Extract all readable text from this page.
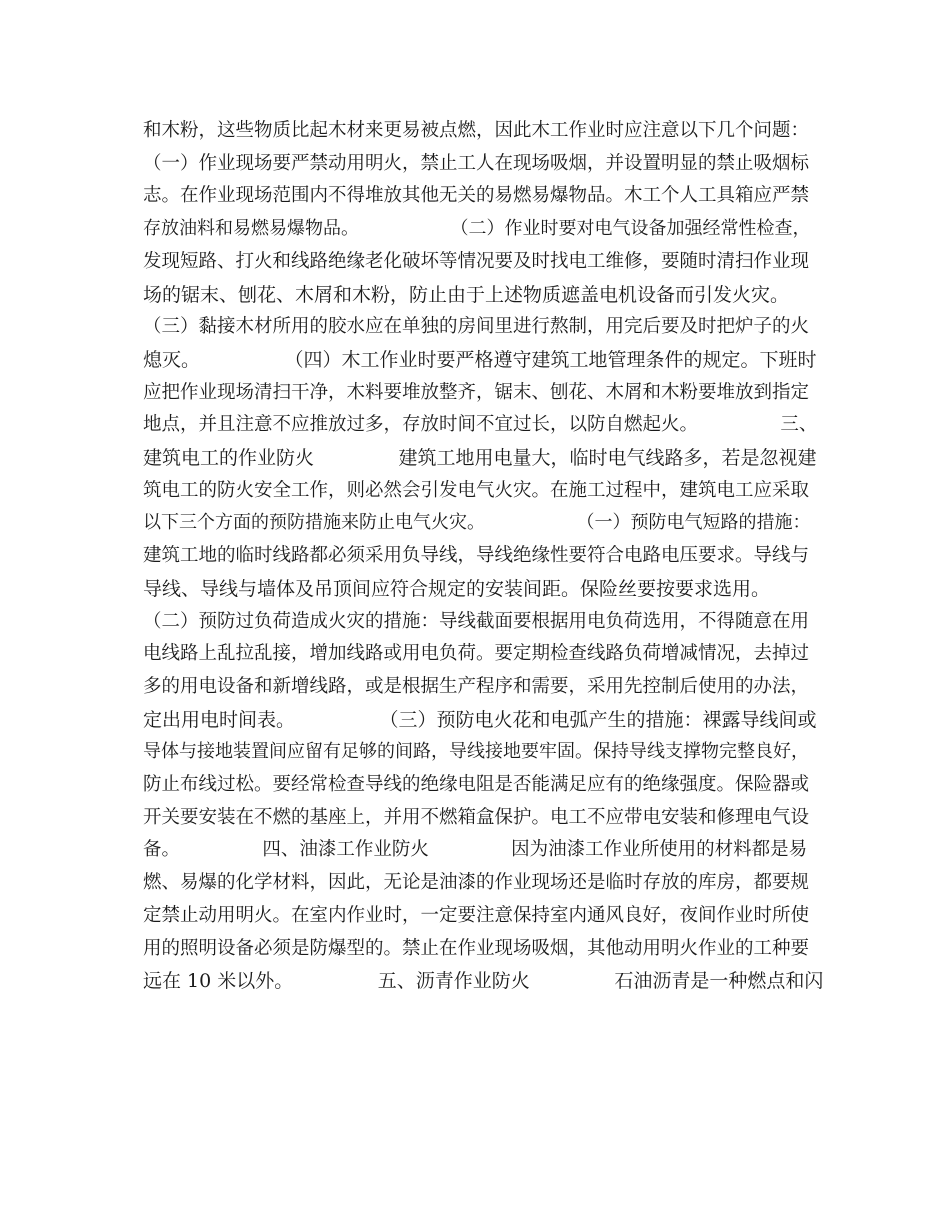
和木粉，这些物质比起木材来更易被点燃，因此木工作业时应注意以下几个问题：
（一）作业现场要严禁动用明火，禁止工人在现场吸烟，并设置明显的禁止吸烟标
志。在作业现场范围内不得堆放其他无关的易燃易爆物品。木工个人工具箱应严禁
存放油料和易燃易爆物品。                （二）作业时要对电气设备加强经常性检查，
发现短路、打火和线路绝缘老化破坏等情况要及时找电工维修，要随时清扫作业现
场的锯末、刨花、木屑和木粉，防止由于上述物质遮盖电机设备而引发火灾。
（三）黏接木材所用的胶水应在单独的房间里进行熬制，用完后要及时把炉子的火
熄灭。              （四）木工作业时要严格遵守建筑工地管理条件的规定。下班时
应把作业现场清扫干净，木料要堆放整齐，锯末、刨花、木屑和木粉要堆放到指定
地点，并且注意不应推放过多，存放时间不宜过长，以防自燃起火。              三、
建筑电工的作业防火              建筑工地用电量大，临时电气线路多，若是忽视建
筑电工的防火安全工作，则必然会引发电气火灾。在施工过程中，建筑电工应采取
以下三个方面的预防措施来防止电气火灾。                （一）预防电气短路的措施：
建筑工地的临时线路都必须采用负导线，导线绝缘性要符合电路电压要求。导线与
导线、导线与墙体及吊顶间应符合规定的安装间距。保险丝要按要求选用。
（二）预防过负荷造成火灾的措施：导线截面要根据用电负荷选用，不得随意在用
电线路上乱拉乱接，增加线路或用电负荷。要定期检查线路负荷增减情况，去掉过
多的用电设备和新增线路，或是根据生产程序和需要，采用先控制后使用的办法，
定出用电时间表。              （三）预防电火花和电弧产生的措施：裸露导线间或
导体与接地装置间应留有足够的间路，导线接地要牢固。保持导线支撑物完整良好，
防止布线过松。要经常检查导线的绝缘电阻是否能满足应有的绝缘强度。保险器或
开关要安装在不燃的基座上，并用不燃箱盒保护。电工不应带电安装和修理电气设
备。              四、油漆工作业防火              因为油漆工作业所使用的材料都是易
燃、易爆的化学材料，因此，无论是油漆的作业现场还是临时存放的库房，都要规
定禁止动用明火。在室内作业时，一定要注意保持室内通风良好，夜间作业时所使
用的照明设备必须是防爆型的。禁止在作业现场吸烟，其他动用明火作业的工种要
远在 10 米以外。              五、沥青作业防火              石油沥青是一种燃点和闪
